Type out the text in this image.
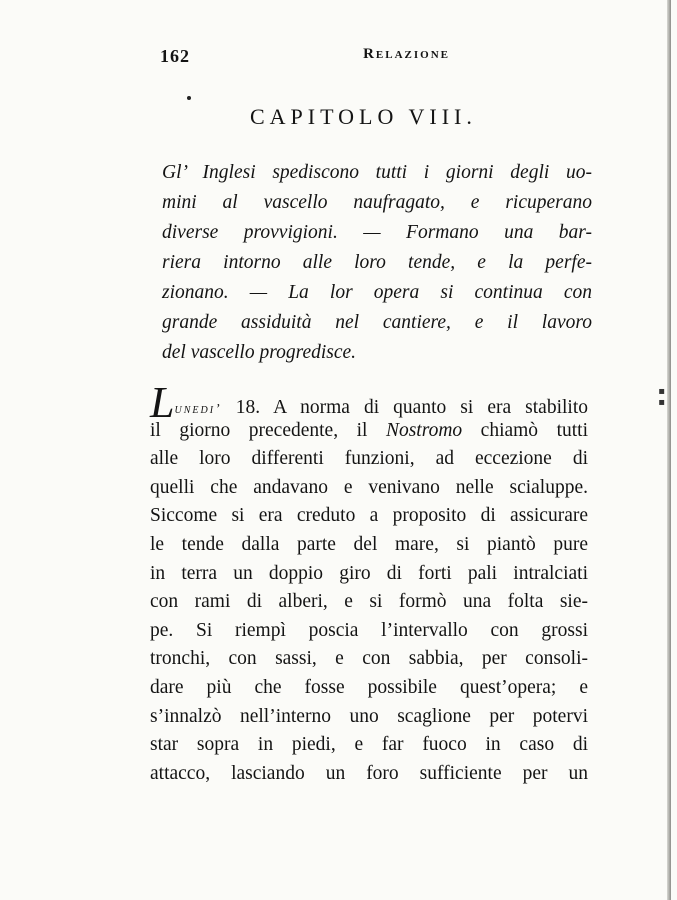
▪
▪
162	Relazione
CAPITOLO VIII.
Gl’ Inglesi spediscono tutti i giorni degli uo-
mini al vascello naufragato, e ricuperano
diverse provvigioni. — Formano una bar-
riera intorno alle loro tende, e la perfe-
zionano. — La lor opera si continua con
grande assiduità nel cantiere, e il lavoro
del vascello progredisce.
Lunedi’ 18. A norma di quanto si era stabilito
il giorno precedente, il Nostromo chiamò tutti
alle loro differenti funzioni, ad eccezione di
quelli che andavano e venivano nelle scialuppe.
Siccome si era creduto a proposito di assicurare
le tende dalla parte del mare, si piantò pure
in terra un doppio giro di forti pali intralciati
con rami di alberi, e si formò una folta sie-
pe. Si riempì poscia l’intervallo con grossi
tronchi, con sassi, e con sabbia, per consoli-
dare più che fosse possibile quest’opera; e
s’innalzò nell’interno uno scaglione per potervi
star sopra in piedi, e far fuoco in caso di
attacco, lasciando un foro sufficiente per un
